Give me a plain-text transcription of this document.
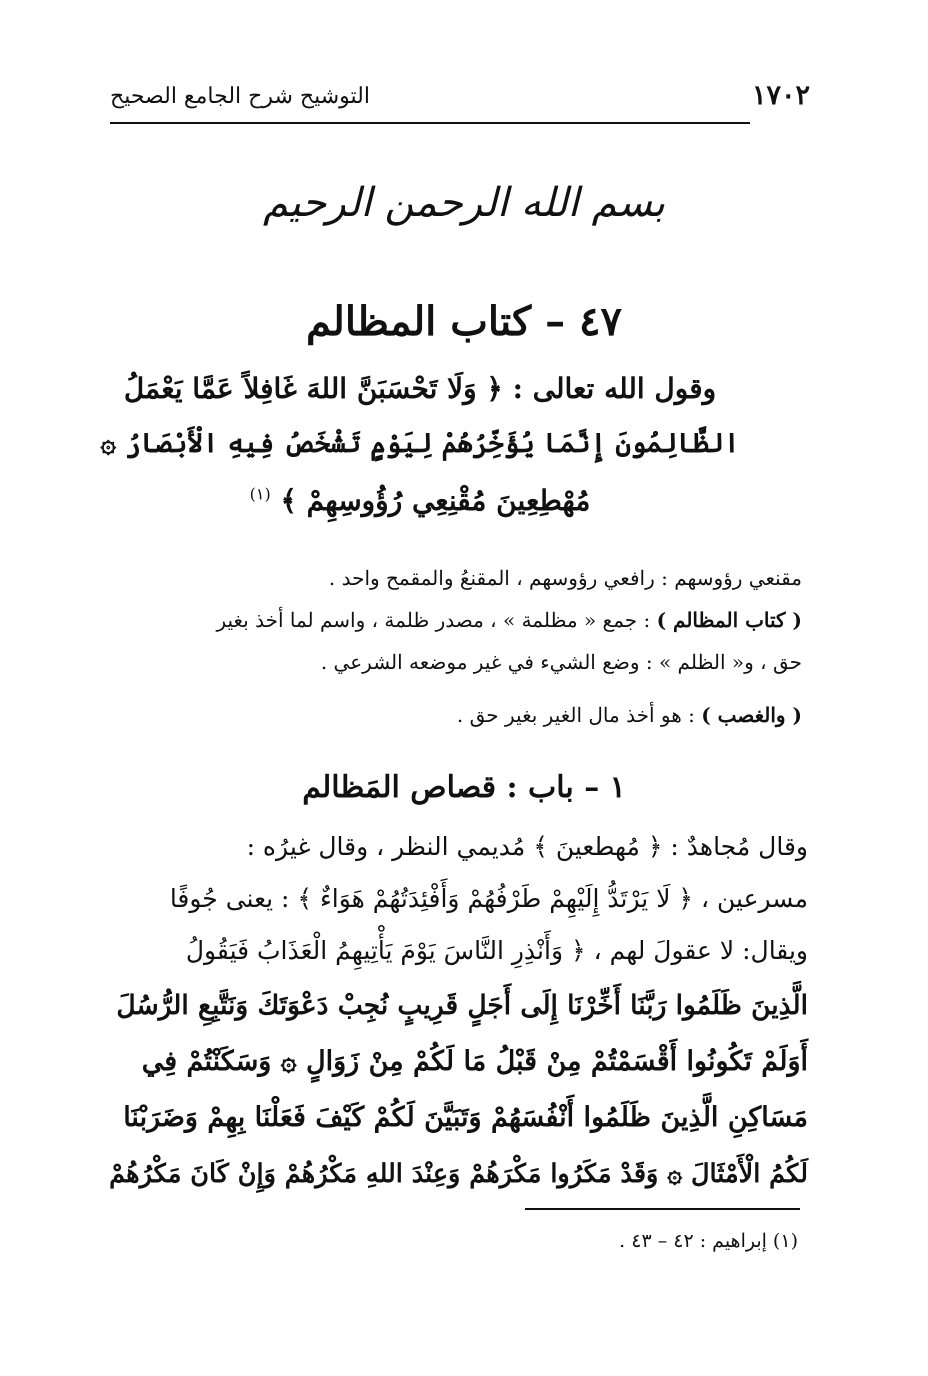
١٧٠٢
التوشيح شرح الجامع الصحيح
بسم الله الرحمن الرحيم
٤٧ – كتاب المظالم
وقول الله تعالى : ﴿ وَلَا تَحْسَبَنَّ اللهَ غَافِلاً عَمَّا يَعْمَلُ
الظَّالِمُونَ إِنَّمَا يُؤَخِّرُهُمْ لِيَوْمٍ تَشْخَصُ فِيهِ الْأَبْصَارُ ۞
مُهْطِعِينَ مُقْنِعِي رُؤُوسِهِمْ ﴾ $^{(١)}$
مقنعي رؤوسهم : رافعي رؤوسهم ، المقنعُ والمقمح واحد .
( كتاب المظالم ) : جمع « مظلمة » ، مصدر ظلمة ، واسم لما أخذ بغير
حق ، و« الظلم » : وضع الشيء في غير موضعه الشرعي .
( والغصب ) : هو أخذ مال الغير بغير حق .
١ – باب : قصاص المَظالم
وقال مُجاهدٌ : ﴿ مُهطعينَ ﴾ مُديمي النظر ، وقال غيرُه :
مسرعين ، ﴿ لَا يَرْتَدُّ إِلَيْهِمْ طَرْفُهُمْ وَأَفْئِدَتُهُمْ هَوَاءٌ ﴾ : يعنى جُوفًا
ويقال: لا عقولَ لهم ، ﴿ وَأَنْذِرِ النَّاسَ يَوْمَ يَأْتِيهِمُ الْعَذَابُ فَيَقُولُ
الَّذِينَ ظَلَمُوا رَبَّنَا أَخِّرْنَا إِلَى أَجَلٍ قَرِيبٍ نُجِبْ دَعْوَتَكَ وَنَتَّبِعِ الرُّسُلَ
أَوَلَمْ تَكُونُوا أَقْسَمْتُمْ مِنْ قَبْلُ مَا لَكُمْ مِنْ زَوَالٍ ۞ وَسَكَنْتُمْ فِي
مَسَاكِنِ الَّذِينَ ظَلَمُوا أَنْفُسَهُمْ وَتَبَيَّنَ لَكُمْ كَيْفَ فَعَلْنَا بِهِمْ وَضَرَبْنَا
لَكُمُ الْأَمْثَالَ ۞ وَقَدْ مَكَرُوا مَكْرَهُمْ وَعِنْدَ اللهِ مَكْرُهُمْ وَإِنْ كَانَ مَكْرُهُمْ
(١) إبراهيم : ٤٢ – ٤٣ .
